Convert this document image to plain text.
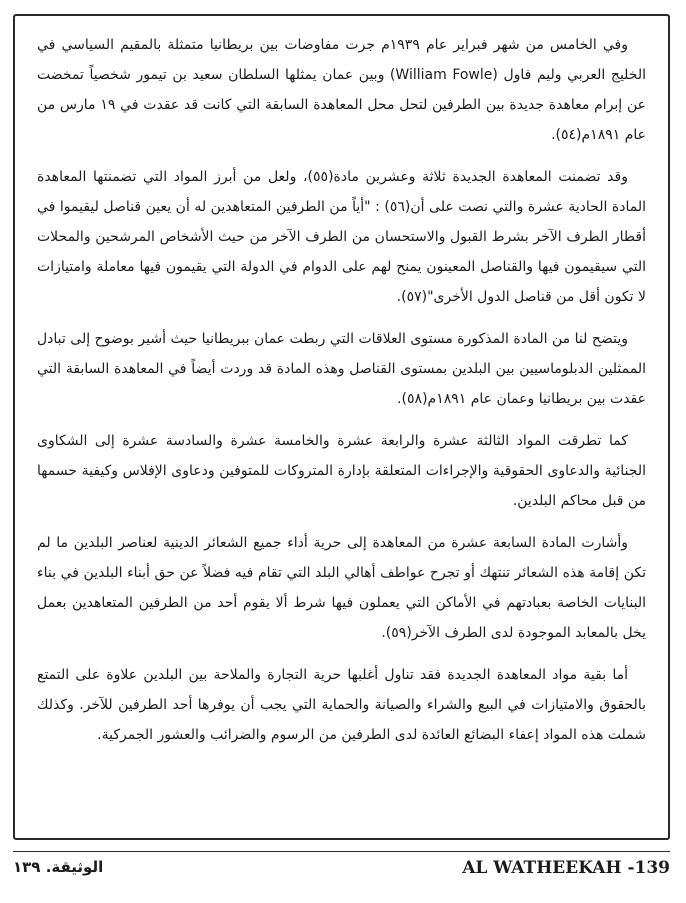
وفي الخامس من شهر فبراير عام ١٩٣٩م جرت مفاوضات بين بريطانيا متمثلة بالمقيم السياسي في الخليج العربي وليم فاول (William Fowle) وبين عمان يمثلها السلطان سعيد بن تيمور شخصياً تمخضت عن إبرام معاهدة جديدة بين الطرفين لتحل محل المعاهدة السابقة التي كانت قد عقدت في ١٩ مارس من عام ١٨٩١م(٥٤).

وقد تضمنت المعاهدة الجديدة ثلاثة وعشرين مادة(٥٥)، ولعل من أبرز المواد التي تضمنتها المعاهدة المادة الحادية عشرة والتي نصت على أن(٥٦) : "أياً من الطرفين المتعاهدين له أن يعين قناصل ليقيموا في أقطار الطرف الآخر بشرط القبول والاستحسان من الطرف الآخر من حيث الأشخاص المرشحين والمحلات التي سيقيمون فيها والقناصل المعينون يمنح لهم على الدوام في الدولة التي يقيمون فيها معاملة وامتيازات لا تكون أقل من قناصل الدول الأخرى"(٥٧).

ويتضح لنا من المادة المذكورة مستوى العلاقات التي ربطت عمان ببريطانيا حيث أشير بوضوح إلى تبادل الممثلين الدبلوماسيين بين البلدين بمستوى القناصل وهذه المادة قد وردت أيضاً في المعاهدة السابقة التي عقدت بين بريطانيا وعمان عام ١٨٩١م(٥٨).

كما تطرقت المواد الثالثة عشرة والرابعة عشرة والخامسة عشرة والسادسة عشرة إلى الشكاوى الجنائية والدعاوى الحقوقية والإجراءات المتعلقة بإدارة المتروكات للمتوفين ودعاوى الإفلاس وكيفية حسمها من قبل محاكم البلدين.

وأشارت المادة السابعة عشرة من المعاهدة إلى حرية أداء جميع الشعائر الدينية لعناصر البلدين ما لم تكن إقامة هذه الشعائر تنتهك أو تجرح عواطف أهالي البلد التي تقام فيه فضلاً عن حق أبناء البلدين في بناء البنايات الخاصة بعبادتهم في الأماكن التي يعملون فيها شرط ألا يقوم أحد من الطرفين المتعاهدين بعمل يخل بالمعابد الموجودة لدى الطرف الآخر(٥٩).

أما بقية مواد المعاهدة الجديدة فقد تناول أغلبها حرية التجارة والملاحة بين البلدين علاوة على التمتع بالحقوق والامتيازات في البيع والشراء والصيانة والحماية التي يجب أن يوفرها أحد الطرفين للآخر. وكذلك شملت هذه المواد إعفاء البضائع العائدة لدى الطرفين من الرسوم والضرائب والعشور الجمركية.

AL WATHEEKAH -139
الوثيقة. ١٣٩
